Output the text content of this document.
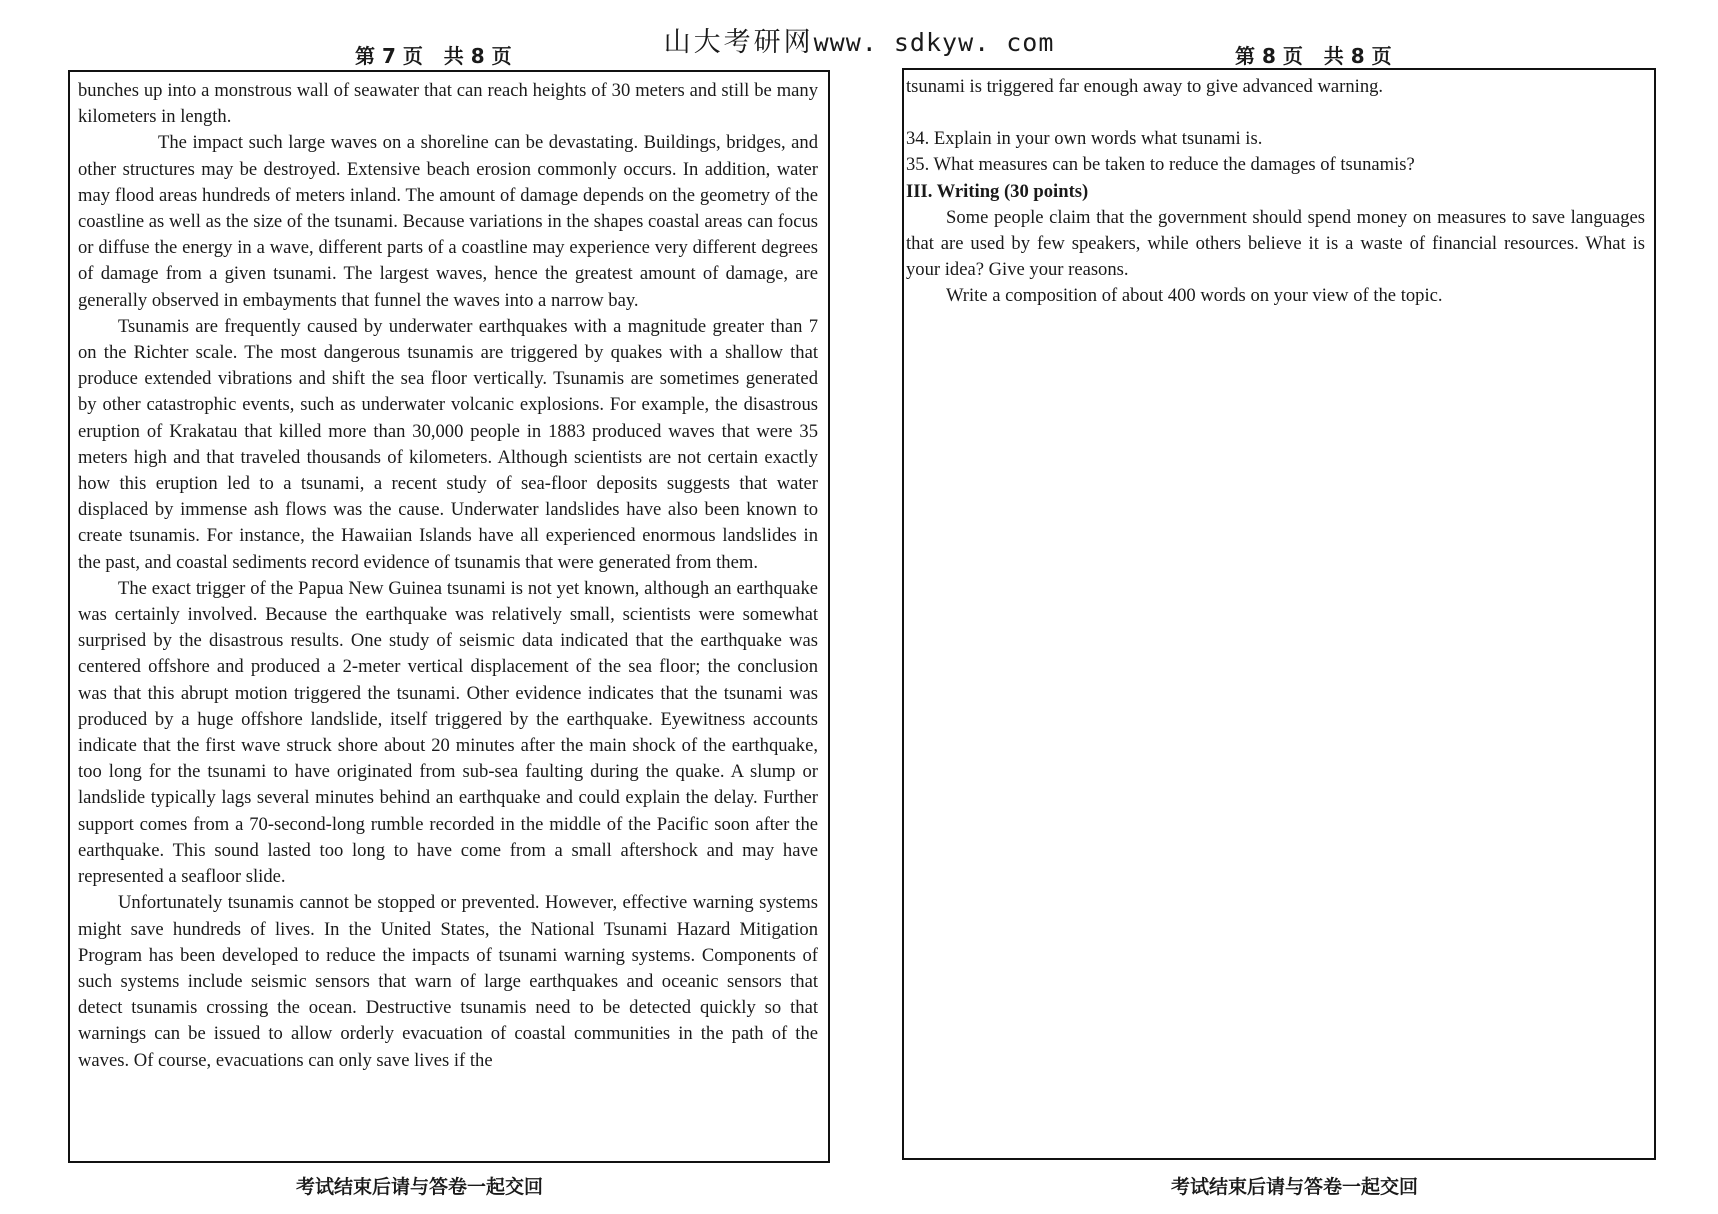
山大考研网www. sdkyw. com
第 7 页   共 8 页	第 8 页   共 8 页

bunches up into a monstrous wall of seawater that can reach heights of 30 meters and still be many kilometers in length.

The impact such large waves on a shoreline can be devastating. Buildings, bridges, and other structures may be destroyed. Extensive beach erosion commonly occurs. In addition, water may flood areas hundreds of meters inland. The amount of damage depends on the geometry of the coastline as well as the size of the tsunami. Because variations in the shapes coastal areas can focus or diffuse the energy in a wave, different parts of a coastline may experience very different degrees of damage from a given tsunami. The largest waves, hence the greatest amount of damage, are generally observed in embayments that funnel the waves into a narrow bay.

Tsunamis are frequently caused by underwater earthquakes with a magnitude greater than 7 on the Richter scale. The most dangerous tsunamis are triggered by quakes with a shallow that produce extended vibrations and shift the sea floor vertically. Tsunamis are sometimes generated by other catastrophic events, such as underwater volcanic explosions. For example, the disastrous eruption of Krakatau that killed more than 30,000 people in 1883 produced waves that were 35 meters high and that traveled thousands of kilometers. Although scientists are not certain exactly how this eruption led to a tsunami, a recent study of sea-floor deposits suggests that water displaced by immense ash flows was the cause. Underwater landslides have also been known to create tsunamis. For instance, the Hawaiian Islands have all experienced enormous landslides in the past, and coastal sediments record evidence of tsunamis that were generated from them.

The exact trigger of the Papua New Guinea tsunami is not yet known, although an earthquake was certainly involved. Because the earthquake was relatively small, scientists were somewhat surprised by the disastrous results. One study of seismic data indicated that the earthquake was centered offshore and produced a 2-meter vertical displacement of the sea floor; the conclusion was that this abrupt motion triggered the tsunami. Other evidence indicates that the tsunami was produced by a huge offshore landslide, itself triggered by the earthquake. Eyewitness accounts indicate that the first wave struck shore about 20 minutes after the main shock of the earthquake, too long for the tsunami to have originated from sub-sea faulting during the quake. A slump or landslide typically lags several minutes behind an earthquake and could explain the delay. Further support comes from a 70-second-long rumble recorded in the middle of the Pacific soon after the earthquake. This sound lasted too long to have come from a small aftershock and may have represented a seafloor slide.

Unfortunately tsunamis cannot be stopped or prevented. However, effective warning systems might save hundreds of lives. In the United States, the National Tsunami Hazard Mitigation Program has been developed to reduce the impacts of tsunami warning systems. Components of such systems include seismic sensors that warn of large earthquakes and oceanic sensors that detect tsunamis crossing the ocean. Destructive tsunamis need to be detected quickly so that warnings can be issued to allow orderly evacuation of coastal communities in the path of the waves. Of course, evacuations can only save lives if the

tsunami is triggered far enough away to give advanced warning.

34. Explain in your own words what tsunami is.

35. What measures can be taken to reduce the damages of tsunamis?

III. Writing (30 points)

Some people claim that the government should spend money on measures to save languages that are used by few speakers, while others believe it is a waste of financial resources. What is your idea? Give your reasons.

Write a composition of about 400 words on your view of the topic.

考试结束后请与答卷一起交回	考试结束后请与答卷一起交回
